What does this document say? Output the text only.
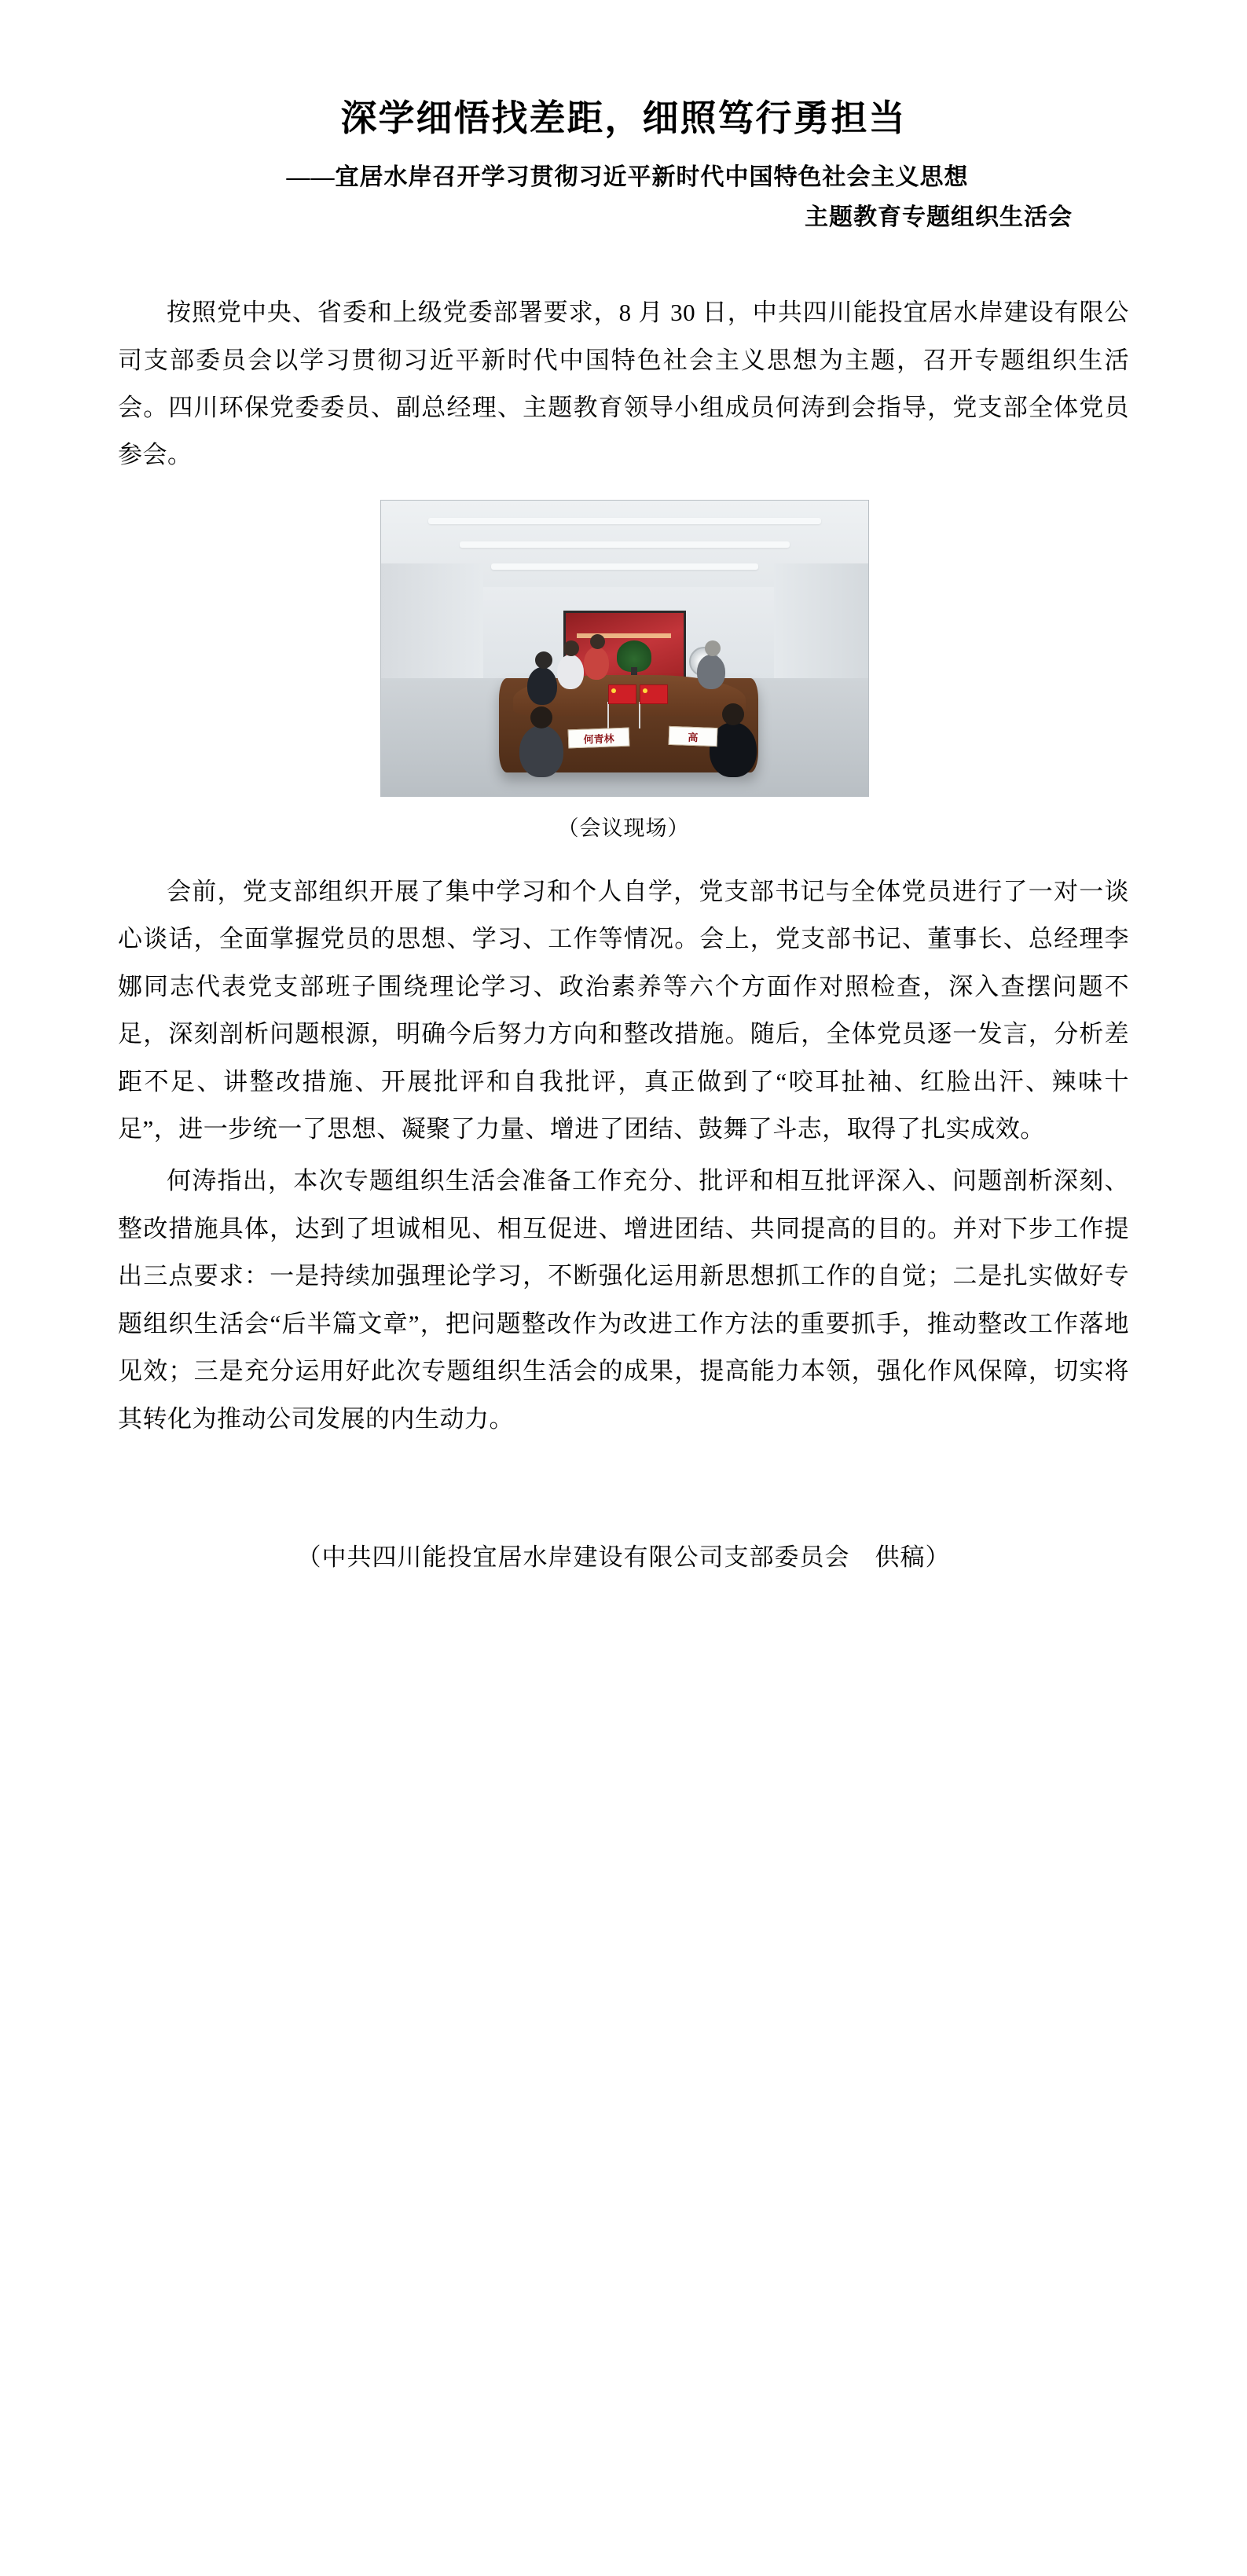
深学细悟找差距，细照笃行勇担当
——宜居水岸召开学习贯彻习近平新时代中国特色社会主义思想
主题教育专题组织生活会

按照党中央、省委和上级党委部署要求，8 月 30 日，中共四川能投宜居水岸建设有限公司支部委员会以学习贯彻习近平新时代中国特色社会主义思想为主题，召开专题组织生活会。四川环保党委委员、副总经理、主题教育领导小组成员何涛到会指导，党支部全体党员参会。

何青林	高
（会议现场）

会前，党支部组织开展了集中学习和个人自学，党支部书记与全体党员进行了一对一谈心谈话，全面掌握党员的思想、学习、工作等情况。会上，党支部书记、董事长、总经理李娜同志代表党支部班子围绕理论学习、政治素养等六个方面作对照检查，深入查摆问题不足，深刻剖析问题根源，明确今后努力方向和整改措施。随后，全体党员逐一发言，分析差距不足、讲整改措施、开展批评和自我批评，真正做到了“咬耳扯袖、红脸出汗、辣味十足”，进一步统一了思想、凝聚了力量、增进了团结、鼓舞了斗志，取得了扎实成效。

何涛指出，本次专题组织生活会准备工作充分、批评和相互批评深入、问题剖析深刻、整改措施具体，达到了坦诚相见、相互促进、增进团结、共同提高的目的。并对下步工作提出三点要求：一是持续加强理论学习，不断强化运用新思想抓工作的自觉；二是扎实做好专题组织生活会“后半篇文章”，把问题整改作为改进工作方法的重要抓手，推动整改工作落地见效；三是充分运用好此次专题组织生活会的成果，提高能力本领，强化作风保障，切实将其转化为推动公司发展的内生动力。

（中共四川能投宜居水岸建设有限公司支部委员会　供稿）
